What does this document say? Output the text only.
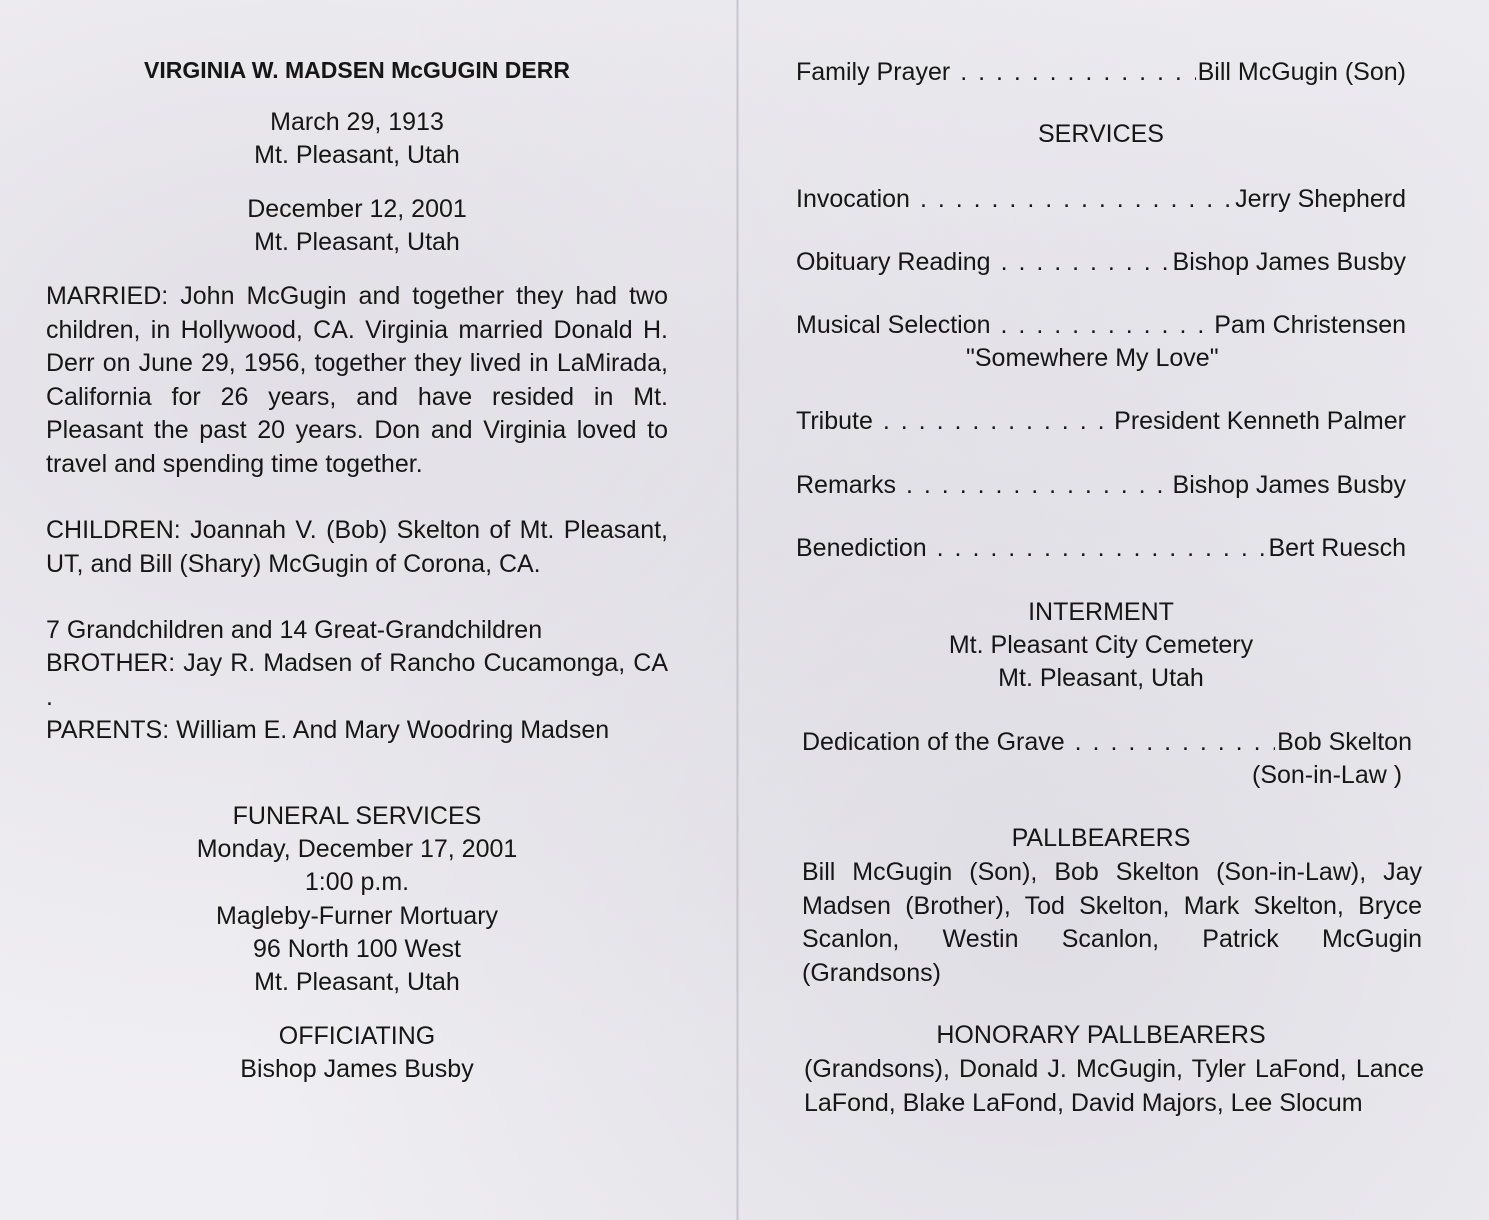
VIRGINIA W. MADSEN McGUGIN DERR
March 29, 1913
Mt. Pleasant, Utah
December 12, 2001
Mt. Pleasant, Utah
MARRIED: John McGugin and together they had two children, in Hollywood, CA. Virginia married Donald H. Derr on June 29, 1956, together they lived in LaMirada, California for 26 years, and have resided in Mt. Pleasant the past 20 years. Don and Virginia loved to travel and spending time together.
CHILDREN: Joannah V. (Bob) Skelton of Mt. Pleasant, UT, and Bill (Shary) McGugin of Corona, CA.
7 Grandchildren and 14 Great-Grandchildren
BROTHER: Jay R. Madsen of Rancho Cucamonga, CA .
PARENTS: William E. And Mary Woodring Madsen
FUNERAL SERVICES
Monday, December 17, 2001
1:00 p.m.
Magleby-Furner Mortuary
96 North 100 West
Mt. Pleasant, Utah
OFFICIATING
Bishop James Busby
Family Prayer . . .	Bill McGugin (Son)
SERVICES
Invocation . . .	Jerry Shepherd
Obituary Reading . . .	Bishop James Busby
Musical Selection . . .	Pam Christensen
"Somewhere My Love"
Tribute . . .	President Kenneth Palmer
Remarks . . .	Bishop James Busby
Benediction . . .	Bert Ruesch
INTERMENT
Mt. Pleasant City Cemetery
Mt. Pleasant, Utah
Dedication of the Grave . . .	Bob Skelton
(Son-in-Law )
PALLBEARERS
Bill McGugin (Son), Bob Skelton (Son-in-Law), Jay Madsen (Brother), Tod Skelton, Mark Skelton, Bryce Scanlon, Westin Scanlon, Patrick McGugin (Grandsons)
HONORARY PALLBEARERS
(Grandsons), Donald J. McGugin, Tyler LaFond, Lance LaFond, Blake LaFond, David Majors, Lee Slocum
